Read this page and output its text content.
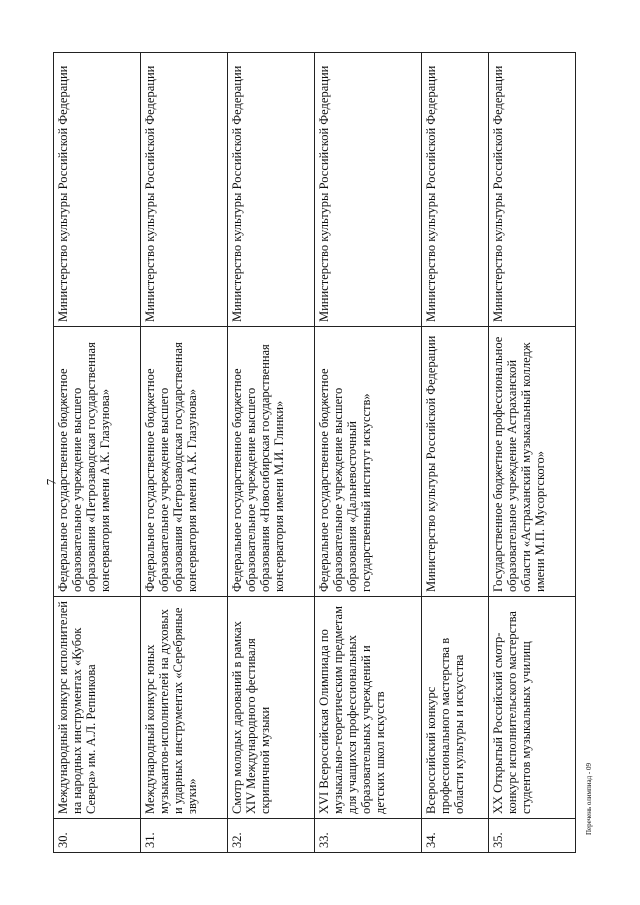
7
30.	Международный конкурс исполнителей на народных инструментах «Кубок Севера» им. А.Л. Репникова	Федеральное государственное бюджетное образовательное учреждение высшего образования «Петрозаводская государственная консерватория имени А.К. Глазунова»	Министерство культуры Российской Федерации
31.	Международный конкурс юных музыкантов-исполнителей на духовых и ударных инструментах «Серебряные звуки»	Федеральное государственное бюджетное образовательное учреждение высшего образования «Петрозаводская государственная консерватория имени А.К. Глазунова»	Министерство культуры Российской Федерации
32.	Смотр молодых дарований в рамках XIV Международного фестиваля скрипичной музыки	Федеральное государственное бюджетное образовательное учреждение высшего образования «Новосибирская государственная консерватория имени М.И. Глинки»	Министерство культуры Российской Федерации
33.	XVI Всероссийская Олимпиада по музыкально-теоретическим предметам для учащихся профессиональных образовательных учреждений и детских школ искусств	Федеральное государственное бюджетное образовательное учреждение высшего образования «Дальневосточный государственный институт искусств»	Министерство культуры Российской Федерации
34.	Всероссийский конкурс профессионального мастерства в области культуры и искусства	Министерство культуры Российской Федерации	Министерство культуры Российской Федерации
35.	XX Открытый Российский смотр-конкурс исполнительского мастерства студентов музыкальных училищ	Государственное бюджетное профессиональное образовательное учреждение Астраханской области «Астраханский музыкальный колледж имени М.П. Мусоргского»	Министерство культуры Российской Федерации
Перечень олимпиад - 09
